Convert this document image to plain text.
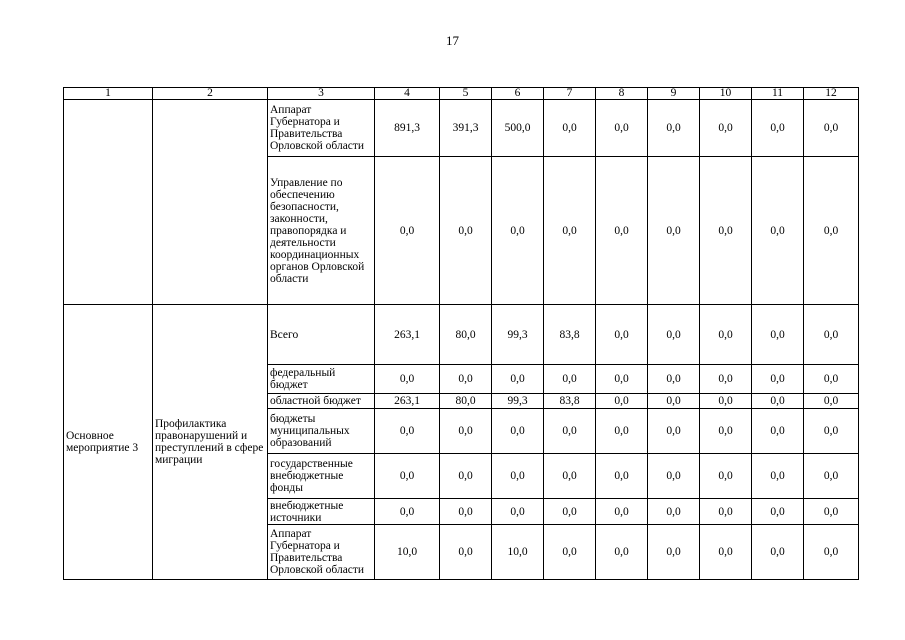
17
1	2	3	4	5	6	7	8	9	10	11	12
		Аппарат Губернатора и Правительства Орловской области	891,3	391,3	500,0	0,0	0,0	0,0	0,0	0,0	0,0
		Управление по обеспечению безопасности, законности, правопорядка и деятельности координационных органов Орловской области	0,0	0,0	0,0	0,0	0,0	0,0	0,0	0,0	0,0
Основное мероприятие 3	Профилактика правонарушений и преступлений в сфере миграции	Всего	263,1	80,0	99,3	83,8	0,0	0,0	0,0	0,0	0,0
		федеральный бюджет	0,0	0,0	0,0	0,0	0,0	0,0	0,0	0,0	0,0
		областной бюджет	263,1	80,0	99,3	83,8	0,0	0,0	0,0	0,0	0,0
		бюджеты муниципальных образований	0,0	0,0	0,0	0,0	0,0	0,0	0,0	0,0	0,0
		государственные внебюджетные фонды	0,0	0,0	0,0	0,0	0,0	0,0	0,0	0,0	0,0
		внебюджетные источники	0,0	0,0	0,0	0,0	0,0	0,0	0,0	0,0	0,0
		Аппарат Губернатора и Правительства Орловской области	10,0	0,0	10,0	0,0	0,0	0,0	0,0	0,0	0,0
